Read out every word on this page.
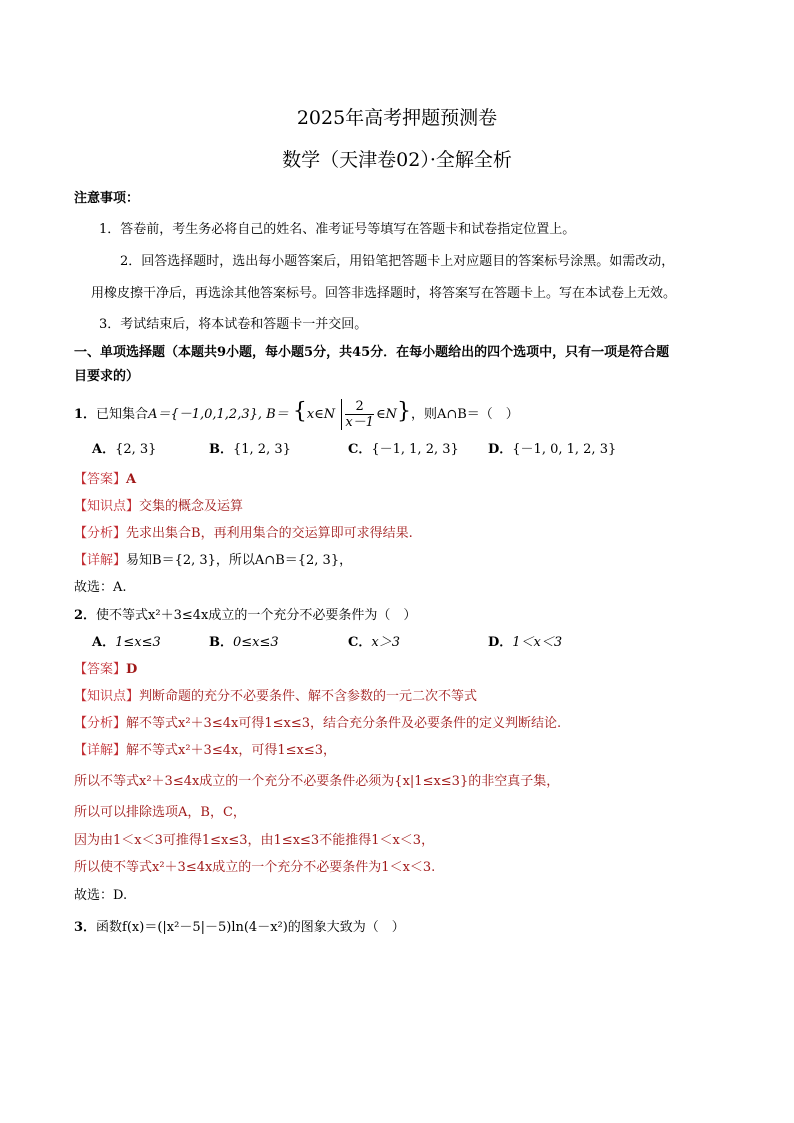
2025年高考押题预测卷
数学（天津卷02）·全解全析
注意事项：
1．答卷前，考生务必将自己的姓名、准考证号等填写在答题卡和试卷指定位置上。
2．回答选择题时，选出每小题答案后，用铅笔把答题卡上对应题目的答案标号涂黑。如需改动，
用橡皮擦干净后，再选涂其他答案标号。回答非选择题时，将答案写在答题卡上。写在本试卷上无效。
3．考试结束后，将本试卷和答题卡一并交回。
一、单项选择题（本题共9小题，每小题5分，共45分．在每小题给出的四个选项中，只有一项是符合题
目要求的）
1．已知集合A＝{－1,0,1,2,3}, B＝ {x∈N $\frac{2}{x-1}$ ∈N}，则A∩B＝（　）
A．{2, 3}	B．{1, 2, 3}	C．{－1, 1, 2, 3} D．{－1, 0, 1, 2, 3}
【答案】A
【知识点】交集的概念及运算
【分析】先求出集合B，再利用集合的交运算即可求得结果.
【详解】易知B＝{2, 3}，所以A∩B＝{2, 3}，
故选：A.
2．使不等式x²＋3≤4x成立的一个充分不必要条件为（　）
A．1≤x≤3	B．0≤x≤3	C．x＞3	D．1＜x＜3
【答案】D
【知识点】判断命题的充分不必要条件、解不含参数的一元二次不等式
【分析】解不等式x²＋3≤4x可得1≤x≤3，结合充分条件及必要条件的定义判断结论.
【详解】解不等式x²＋3≤4x，可得1≤x≤3，
所以不等式x²＋3≤4x成立的一个充分不必要条件必须为{x|1≤x≤3}的非空真子集，
所以可以排除选项A，B，C，
因为由1＜x＜3可推得1≤x≤3，由1≤x≤3不能推得1＜x＜3，
所以使不等式x²＋3≤4x成立的一个充分不必要条件为1＜x＜3.
故选：D.
3．函数f(x)＝(|x²－5|－5)ln(4－x²)的图象大致为（　）
